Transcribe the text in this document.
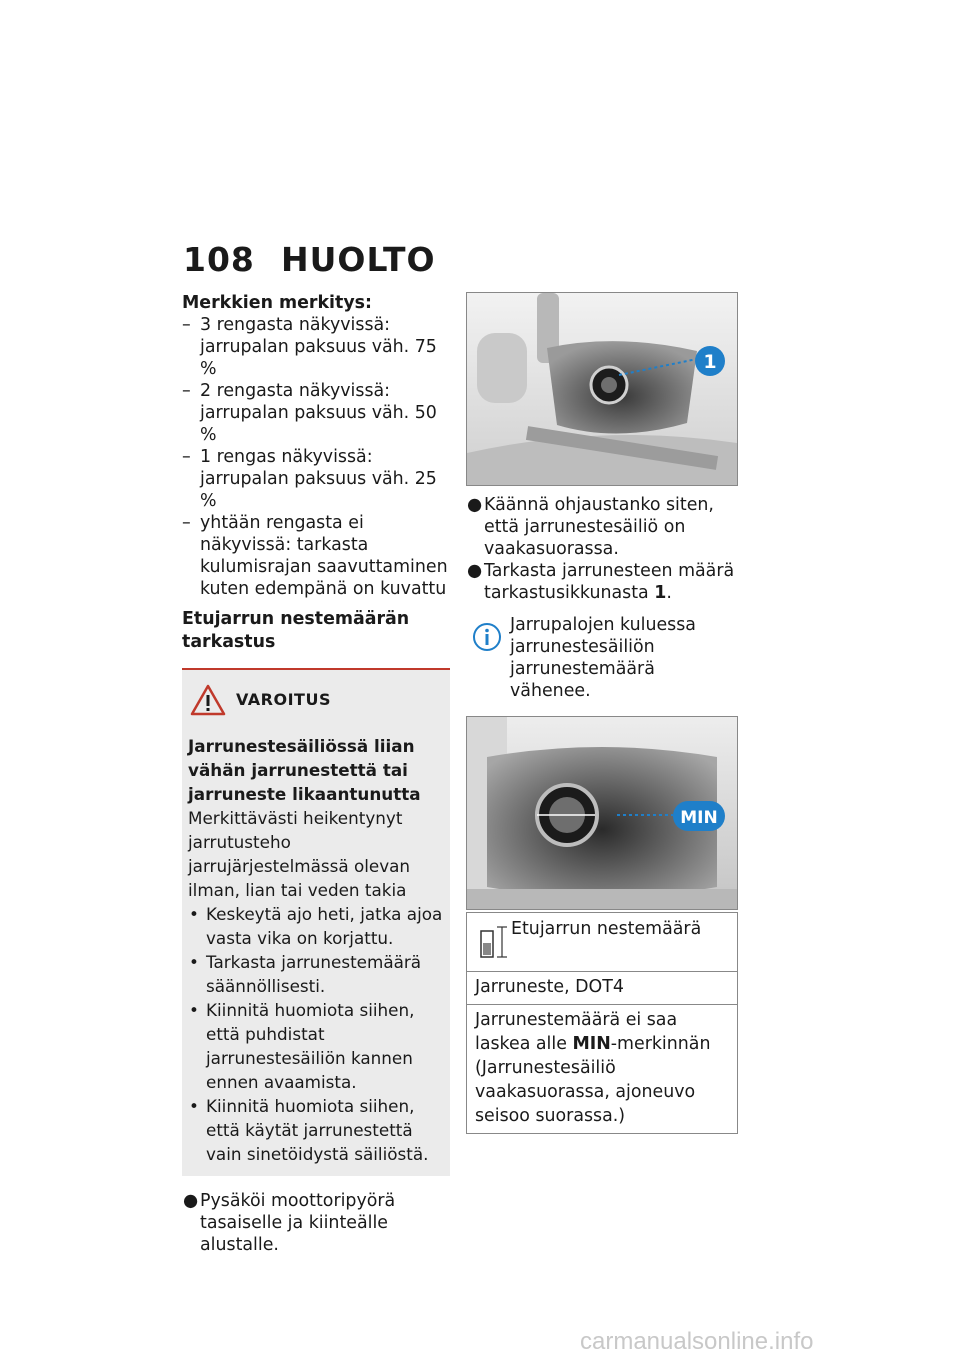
108 HUOLTO

Merkkien merkitys:

– 3 rengasta näkyvissä: jarrupalan paksuus väh. 75 %

– 2 rengasta näkyvissä: jarrupalan paksuus väh. 50 %

– 1 rengas näkyvissä: jarrupalan paksuus väh. 25 %

– yhtään rengasta ei näkyvissä: tarkasta kulumisrajan saavuttaminen kuten edempänä on kuvattu

Etujarrun nestemäärän tarkastus

VAROITUS

Jarrunestesäiliössä liian vähän jarrunestettä tai jarruneste likaantunutta

Merkittävästi heikentynyt jarrutusteho jarrujärjestelmässä olevan ilman, lian tai veden takia

• Keskeytä ajo heti, jatka ajoa vasta vika on korjattu.

• Tarkasta jarrunestemäärä säännöllisesti.

• Kiinnitä huomiota siihen, että puhdistat jarrunestesäiliön kannen ennen avaamista.

• Kiinnitä huomiota siihen, että käytät jarrunestettä vain sinetöidystä säiliöstä.

● Pysäköi moottoripyörä tasaiselle ja kiinteälle alustalle.

1

● Käännä ohjaustanko siten, että jarrunestesäiliö on vaakasuorassa.

● Tarkasta jarrunesteen määrä tarkastusikkunasta 1.

Jarrupalojen kuluessa jarrunestesäiliön jarrunestemäärä vähenee.
MIN
Etujarrun nestemäärä

Jarruneste, DOT4
Jarrunestemäärä ei saa laskea alle MIN-merkinnän (Jarrunestesäiliö vaakasuorassa, ajoneuvo seisoo suorassa.)
carmanualsonline.info
